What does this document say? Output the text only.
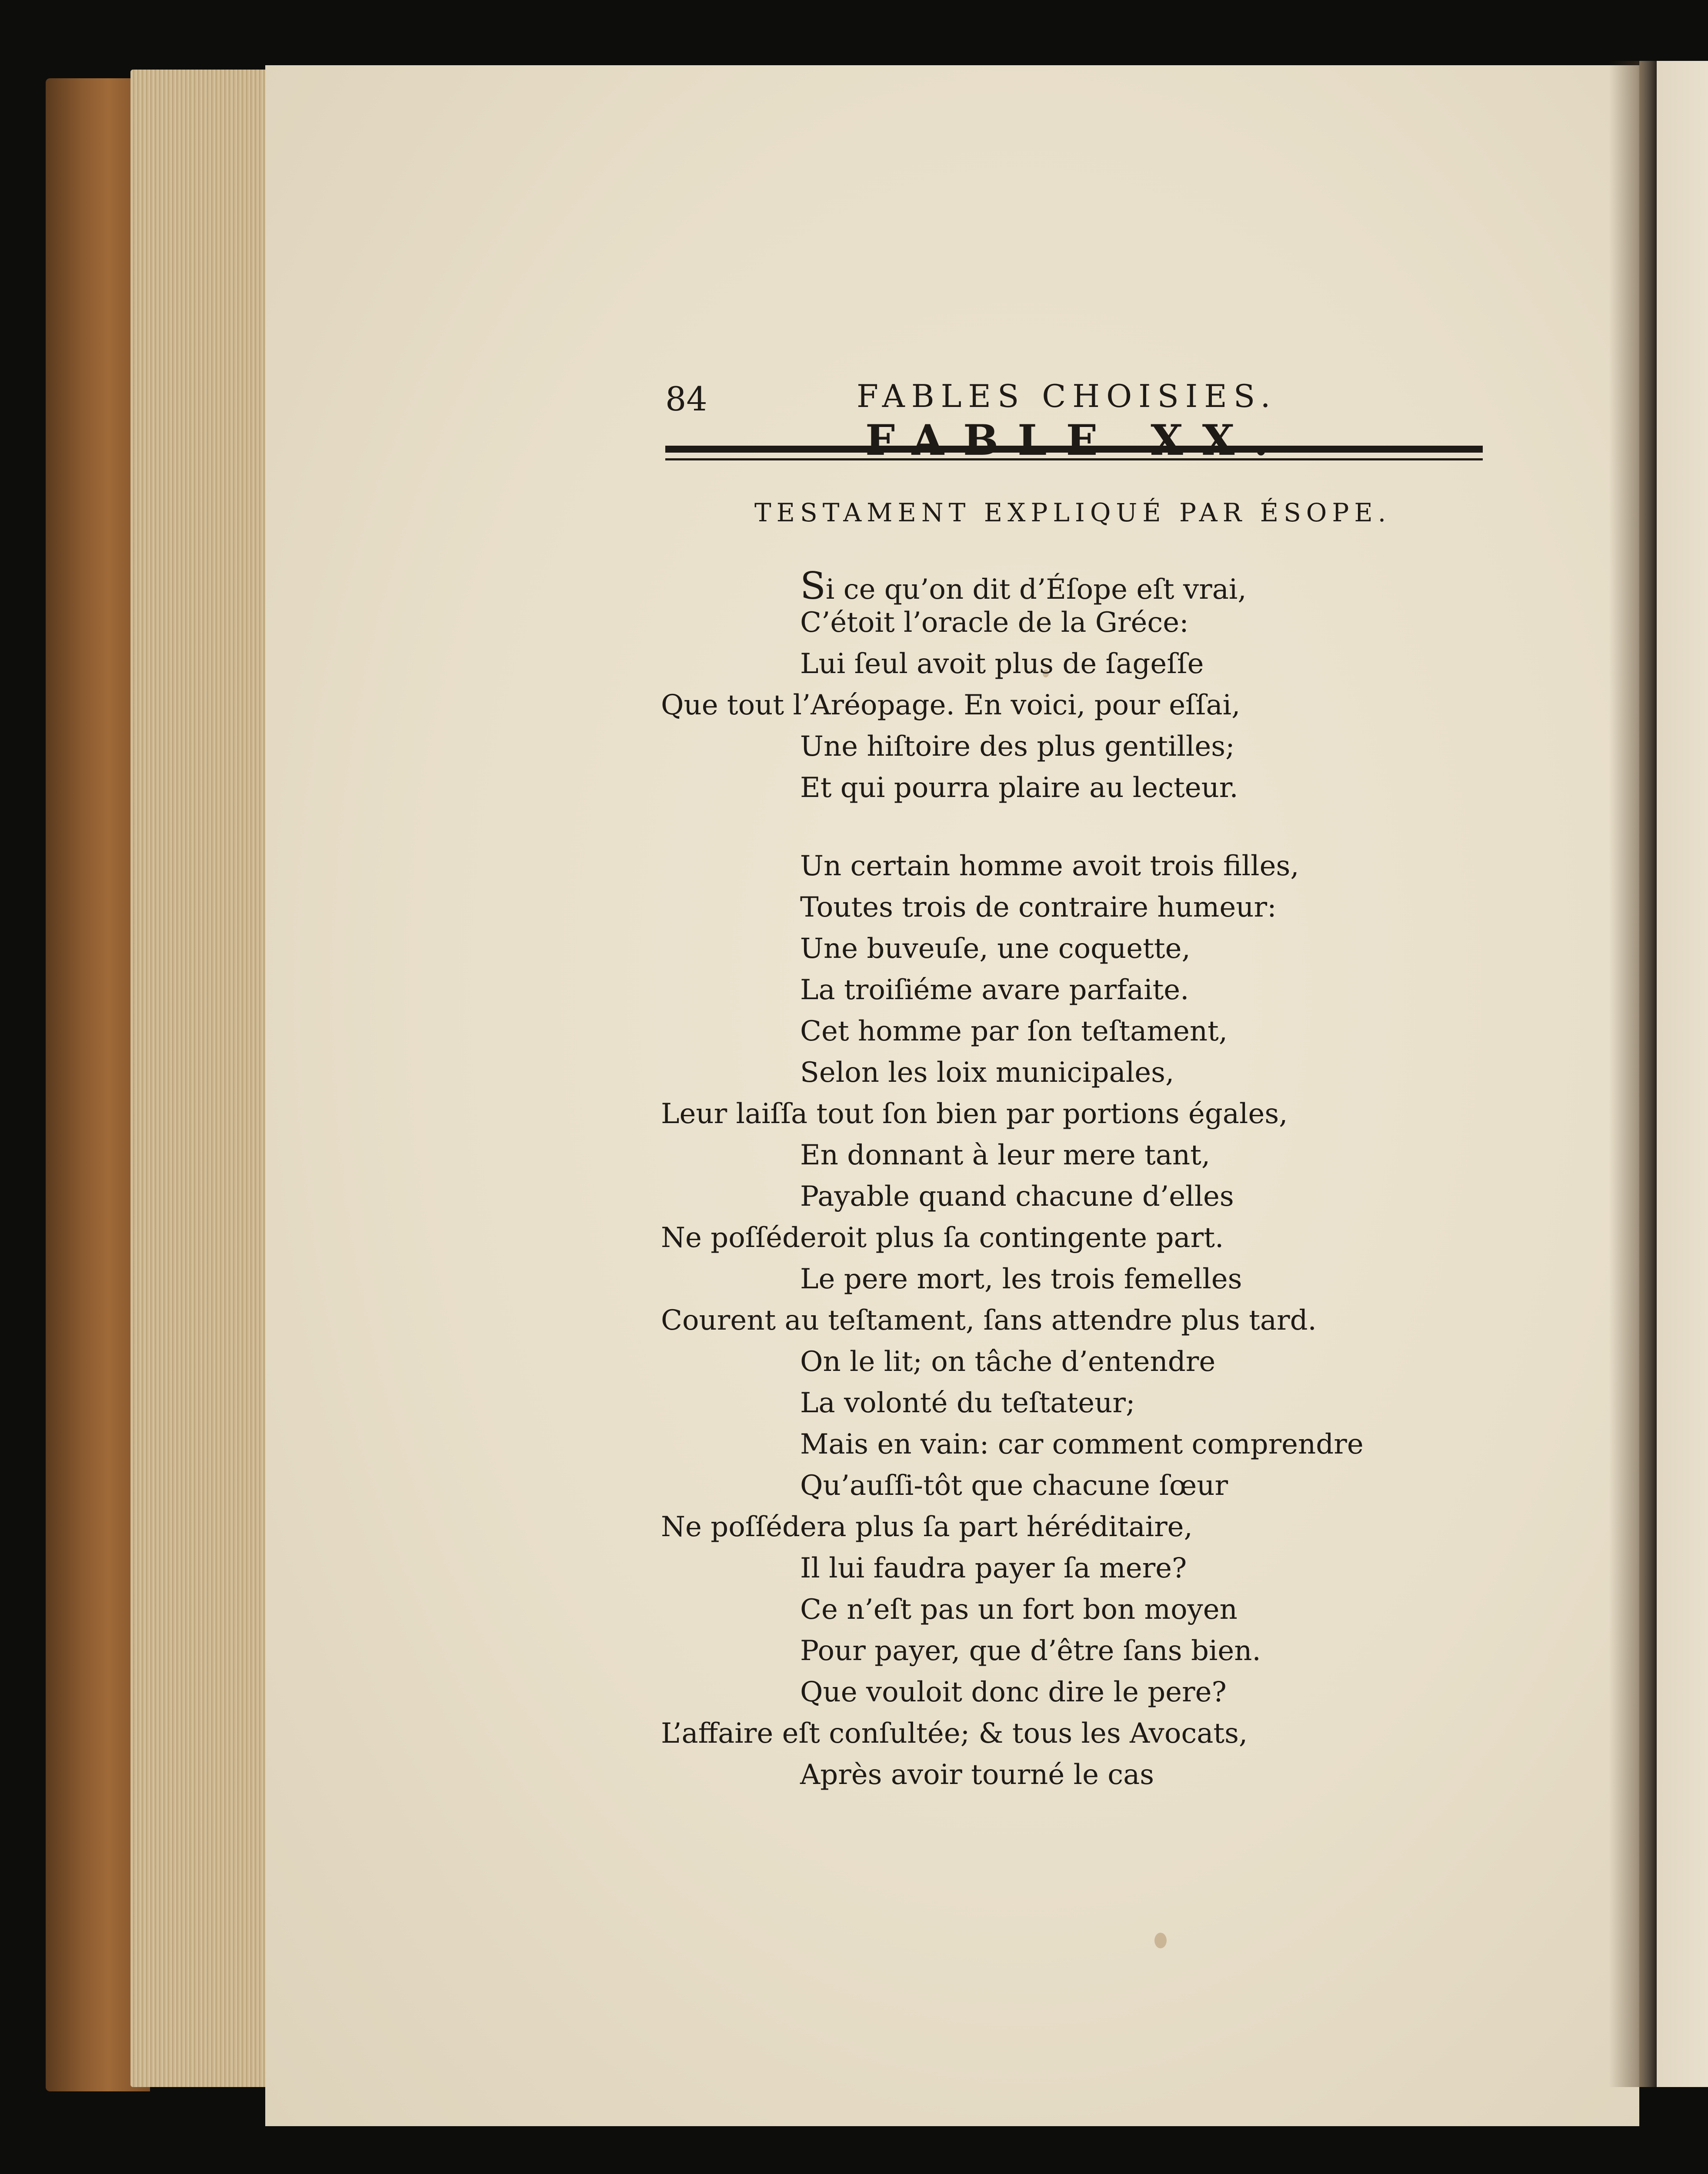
84	FABLES CHOISIES.
FABLE XX.
TESTAMENT EXPLIQUÉ PAR ÉSOPE.
Si ce qu’on dit d’Éſope eſt vrai,
C’étoit l’oracle de la Gréce:
Lui ſeul avoit plus de ſageſſe
Que tout l’Aréopage. En voici, pour eſſai,
Une hiſtoire des plus gentilles;
Et qui pourra plaire au lecteur.
Un certain homme avoit trois filles,
Toutes trois de contraire humeur:
Une buveuſe, une coquette,
La troiſiéme avare parfaite.
Cet homme par ſon teſtament,
Selon les loix municipales,
Leur laiſſa tout ſon bien par portions égales,
En donnant à leur mere tant,
Payable quand chacune d’elles
Ne poſſéderoit plus ſa contingente part.
Le pere mort, les trois femelles
Courent au teſtament, ſans attendre plus tard.
On le lit; on tâche d’entendre
La volonté du teſtateur;
Mais en vain: car comment comprendre
Qu’auſſi-tôt que chacune ſœur
Ne poſſédera plus ſa part héréditaire,
Il lui faudra payer ſa mere?
Ce n’eſt pas un fort bon moyen
Pour payer, que d’être ſans bien.
Que vouloit donc dire le pere?
L’affaire eſt conſultée; & tous les Avocats,
Après avoir tourné le cas
